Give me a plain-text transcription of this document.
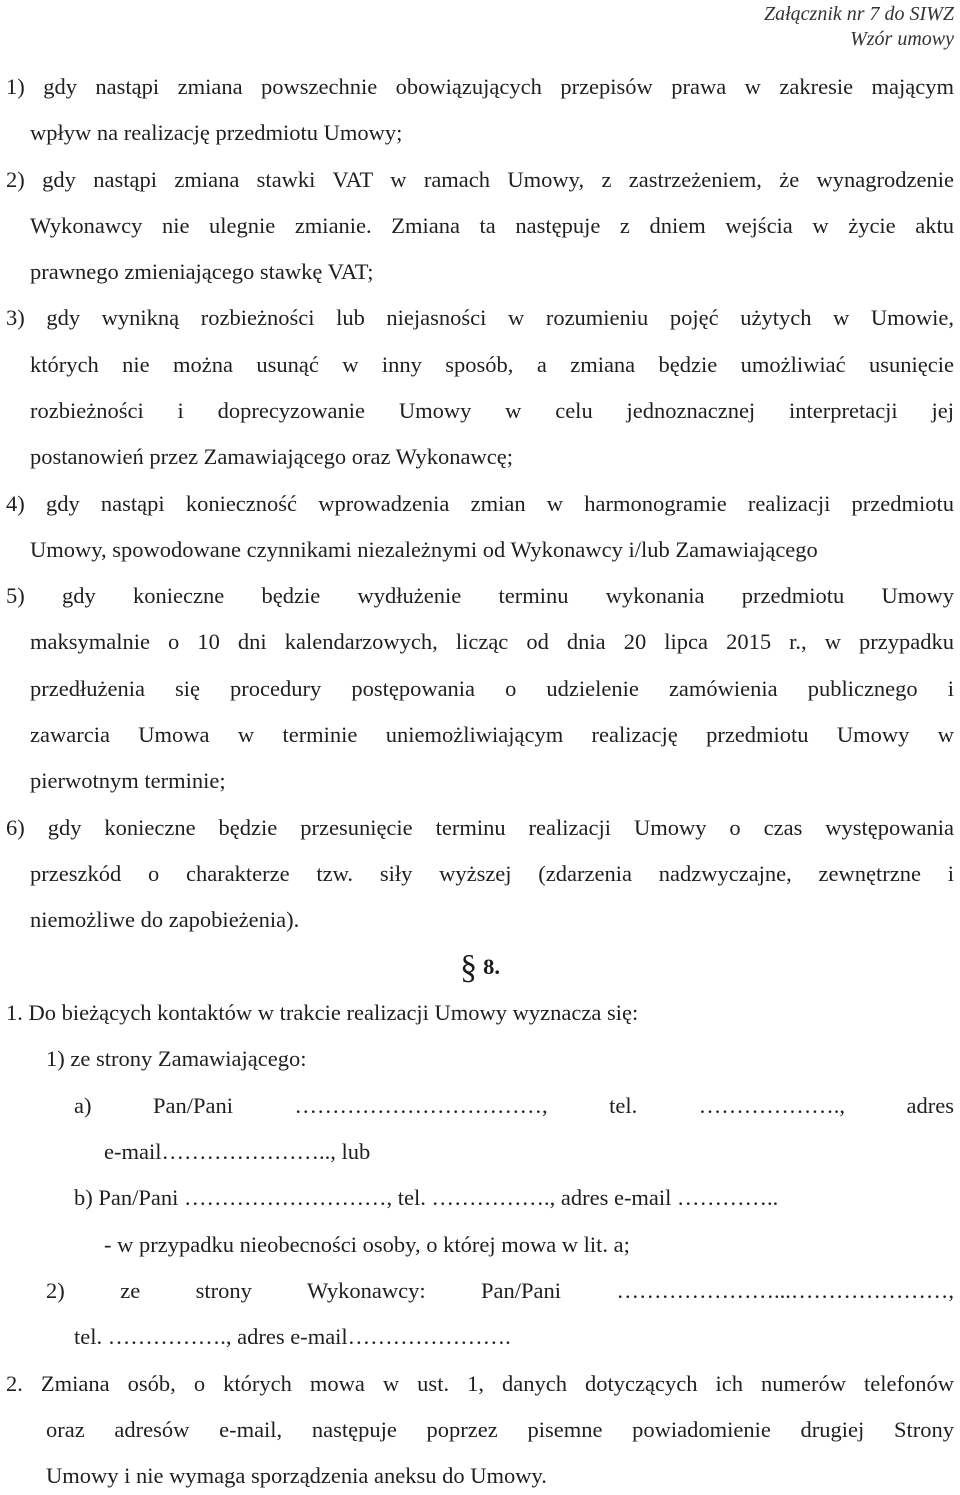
Załącznik nr 7 do SIWZ
Wzór umowy
1) gdy nastąpi zmiana powszechnie obowiązujących przepisów prawa w zakresie mającym
wpływ na realizację przedmiotu Umowy;
2) gdy nastąpi zmiana stawki VAT w ramach Umowy, z zastrzeżeniem, że wynagrodzenie
Wykonawcy nie ulegnie zmianie. Zmiana ta następuje z dniem wejścia w życie aktu
prawnego zmieniającego stawkę VAT;
3) gdy wynikną rozbieżności lub niejasności w rozumieniu pojęć użytych w Umowie,
których nie można usunąć w inny sposób, a zmiana będzie umożliwiać usunięcie
rozbieżności i doprecyzowanie Umowy w celu jednoznacznej interpretacji jej
postanowień przez Zamawiającego oraz Wykonawcę;
4) gdy nastąpi konieczność wprowadzenia zmian w harmonogramie realizacji przedmiotu
Umowy, spowodowane czynnikami niezależnymi od Wykonawcy i/lub Zamawiającego
5) gdy konieczne będzie wydłużenie terminu wykonania przedmiotu Umowy
maksymalnie o 10 dni kalendarzowych, licząc od dnia 20 lipca 2015 r., w przypadku
przedłużenia się procedury postępowania o udzielenie zamówienia publicznego i
zawarcia Umowa w terminie uniemożliwiającym realizację przedmiotu Umowy w
pierwotnym terminie;
6) gdy konieczne będzie przesunięcie terminu realizacji Umowy o czas występowania
przeszkód o charakterze tzw. siły wyższej (zdarzenia nadzwyczajne, zewnętrzne i
niemożliwe do zapobieżenia).
§ 8.
1. Do bieżących kontaktów w trakcie realizacji Umowy wyznacza się:
1) ze strony Zamawiającego:
a) Pan/Pani ……………………………, tel. ………………., adres
e-mail………………….., lub
b) Pan/Pani ………………………, tel. ……………., adres e-mail …………..
- w przypadku nieobecności osoby, o której mowa w lit. a;
2) ze strony Wykonawcy: Pan/Pani …………………...…………………,
tel. ……………., adres e-mail………………….
2. Zmiana osób, o których mowa w ust. 1, danych dotyczących ich numerów telefonów
oraz adresów e-mail, następuje poprzez pisemne powiadomienie drugiej Strony
Umowy i nie wymaga sporządzenia aneksu do Umowy.
